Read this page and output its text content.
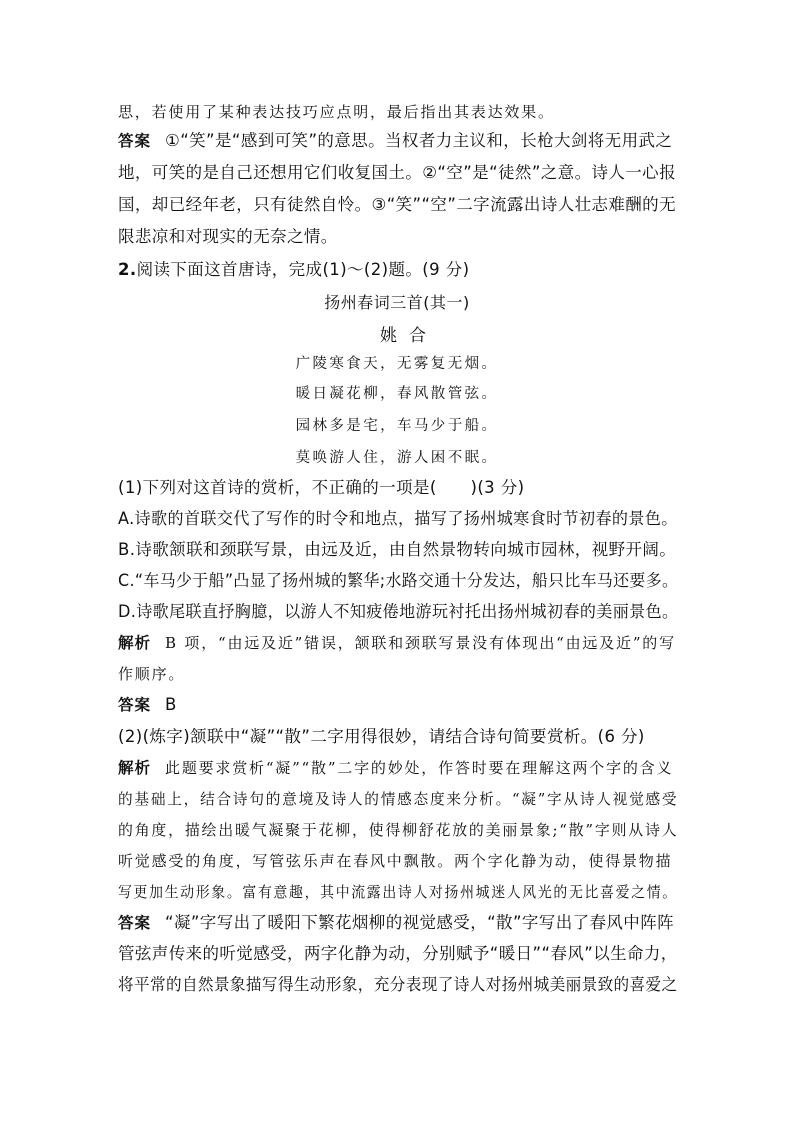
思，若使用了某种表达技巧应点明，最后指出其表达效果。
答案 ①“笑”是“感到可笑”的意思。当权者力主议和，长枪大剑将无用武之
地，可笑的是自己还想用它们收复国土。②“空”是“徒然”之意。诗人一心报
国，却已经年老，只有徒然自怜。③“笑”“空”二字流露出诗人壮志难酬的无
限悲凉和对现实的无奈之情。
2.阅读下面这首唐诗，完成(1)～(2)题。(9 分)
扬州春词三首(其一)
姚合
广陵寒食天，无雾复无烟。
暖日凝花柳，春风散管弦。
园林多是宅，车马少于船。
莫唤游人住，游人困不眠。
(1)下列对这首诗的赏析，不正确的一项是(　　)(3 分)
A.诗歌的首联交代了写作的时令和地点，描写了扬州城寒食时节初春的景色。
B.诗歌颔联和颈联写景，由远及近，由自然景物转向城市园林，视野开阔。
C.“车马少于船”凸显了扬州城的繁华;水路交通十分发达，船只比车马还要多。
D.诗歌尾联直抒胸臆，以游人不知疲倦地游玩衬托出扬州城初春的美丽景色。
解析 B 项，“由远及近”错误，颔联和颈联写景没有体现出“由远及近”的写
作顺序。
答案 B
(2)(炼字)颔联中“凝”“散”二字用得很妙，请结合诗句简要赏析。(6 分)
解析 此题要求赏析“凝”“散”二字的妙处，作答时要在理解这两个字的含义
的基础上，结合诗句的意境及诗人的情感态度来分析。“凝”字从诗人视觉感受
的角度，描绘出暖气凝聚于花柳，使得柳舒花放的美丽景象;“散”字则从诗人
听觉感受的角度，写管弦乐声在春风中飘散。两个字化静为动，使得景物描
写更加生动形象。富有意趣，其中流露出诗人对扬州城迷人风光的无比喜爱之情。
答案 “凝”字写出了暖阳下繁花烟柳的视觉感受，“散”字写出了春风中阵阵
管弦声传来的听觉感受，两字化静为动，分别赋予“暖日”“春风”以生命力，
将平常的自然景象描写得生动形象，充分表现了诗人对扬州城美丽景致的喜爱之
